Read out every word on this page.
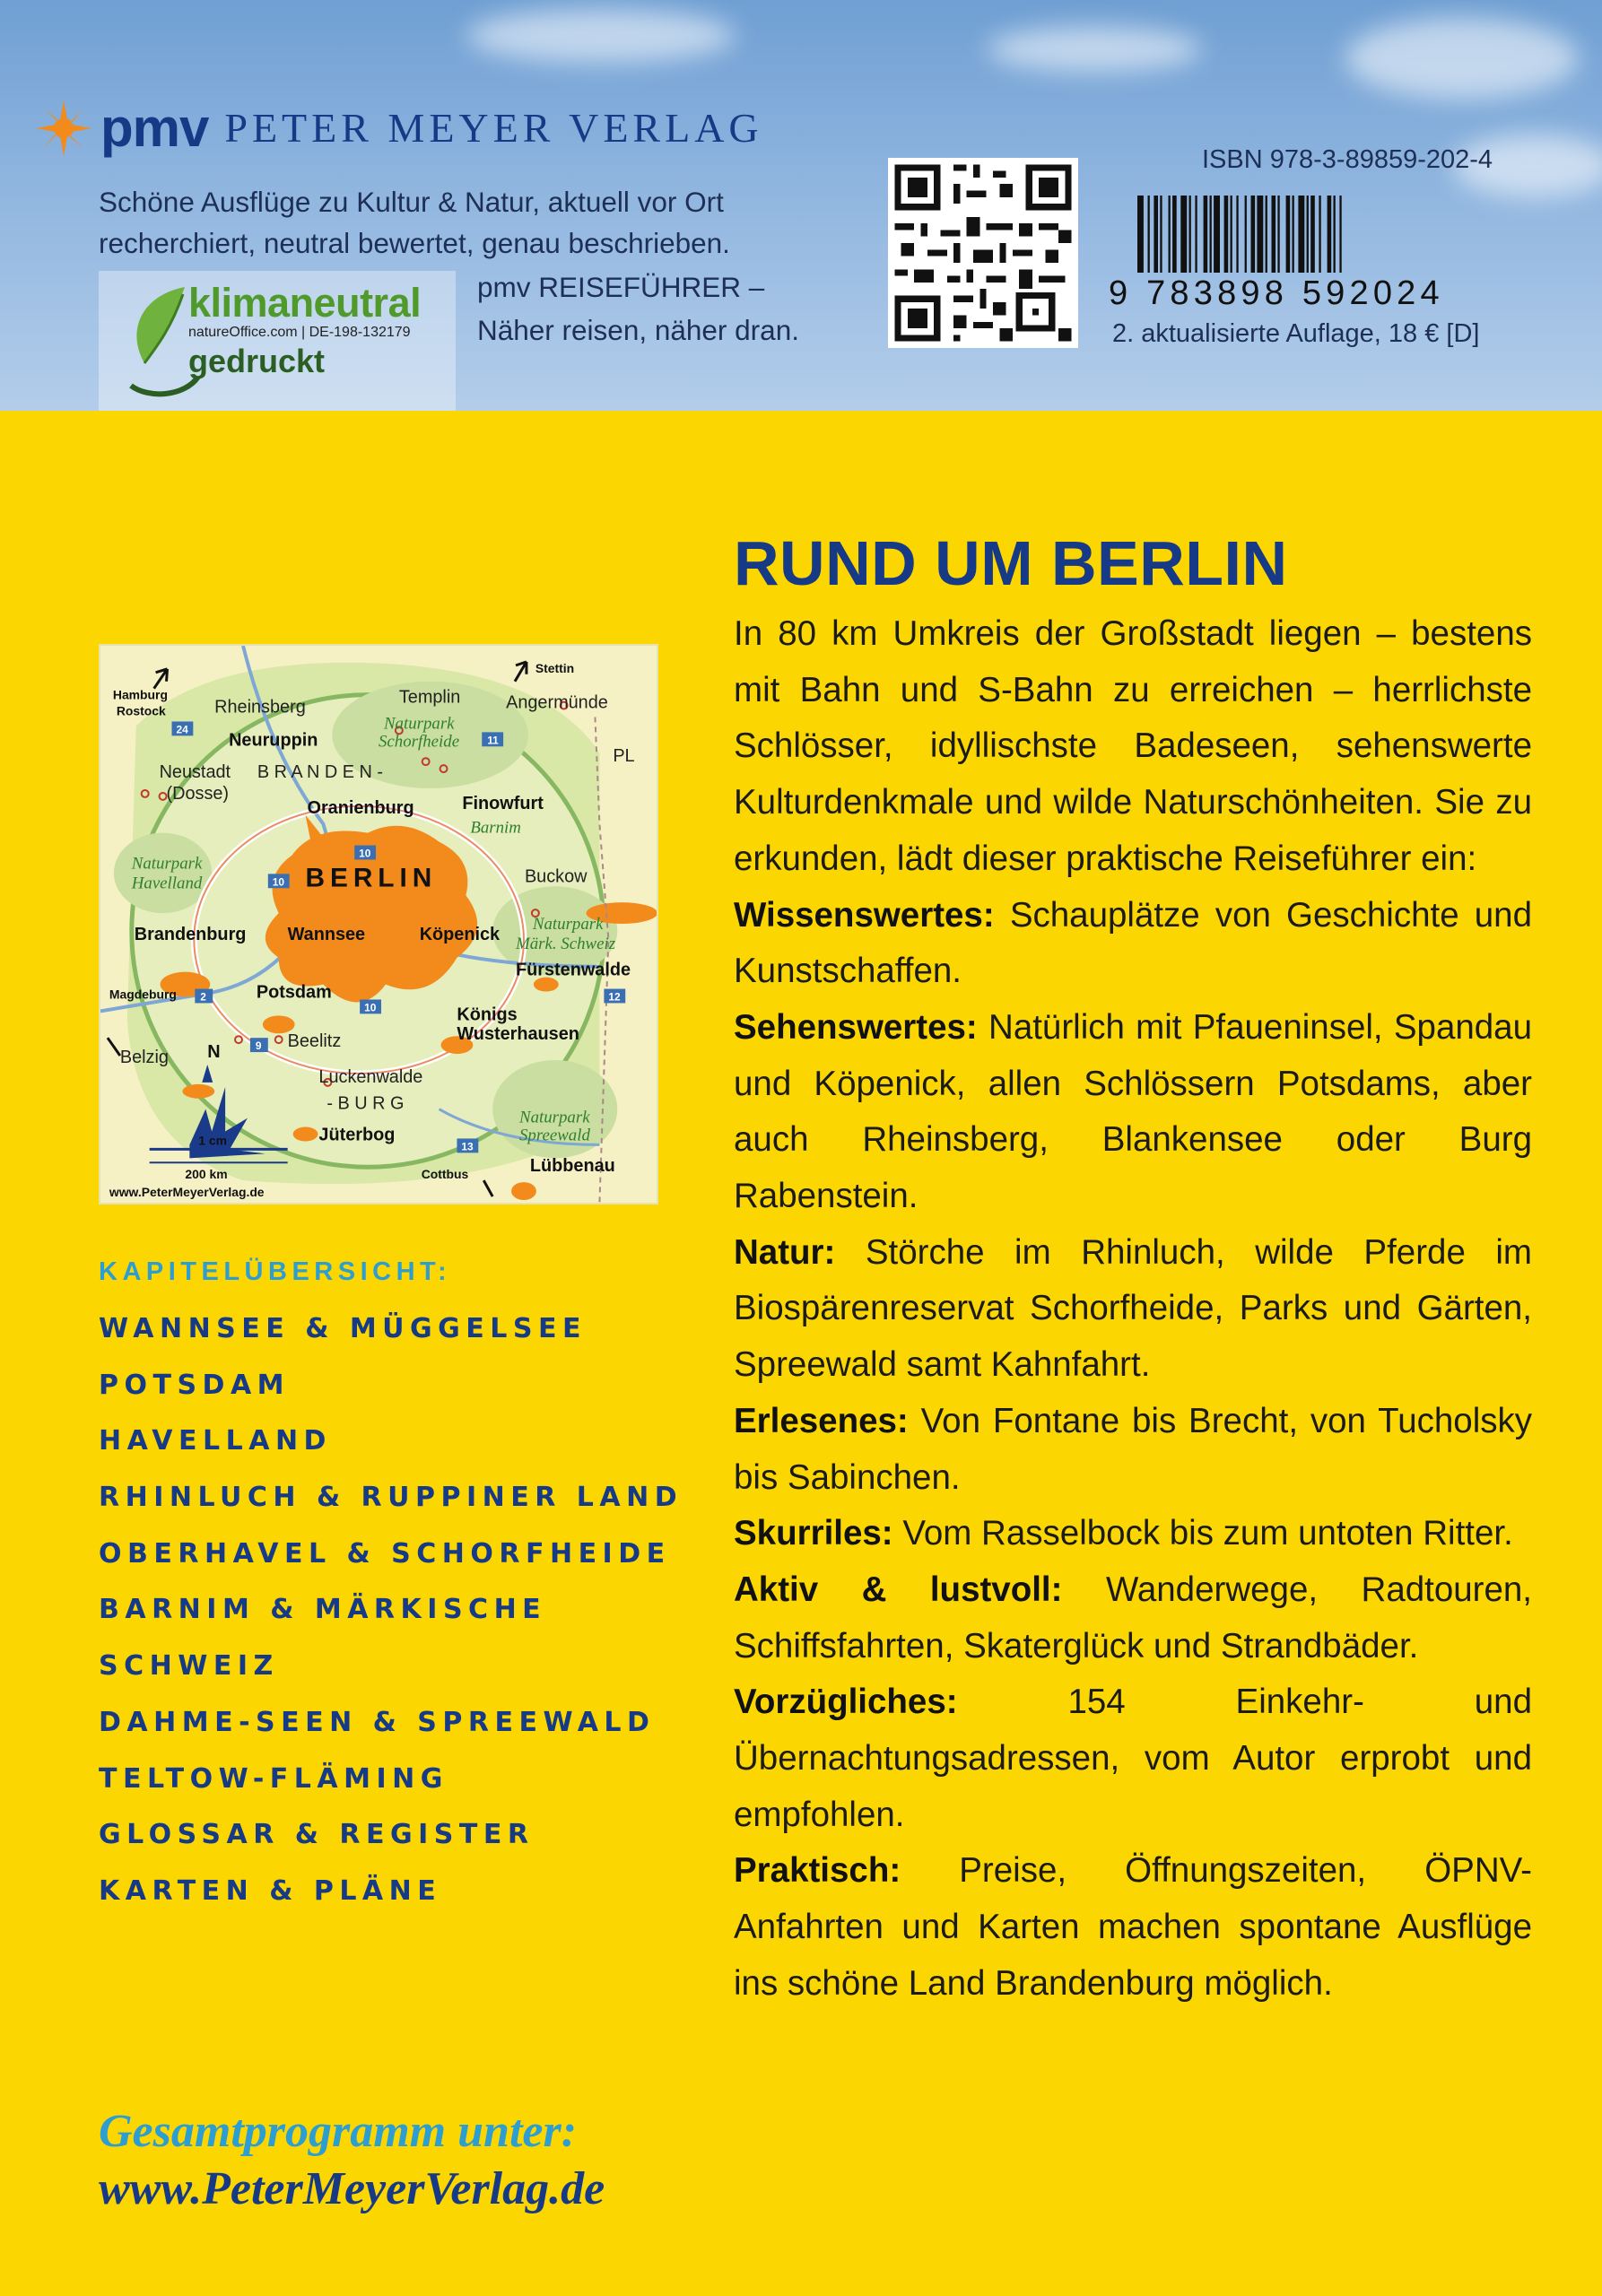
pmv PETER MEYER VERLAG
Schöne Ausflüge zu Kultur & Natur, aktuell vor Ort recherchiert, neutral bewertet, genau beschrieben.
klimaneutral
natureOffice.com | DE-198-132179
gedruckt
pmv REISEFÜHRER –
Näher reisen, näher dran.
ISBN 978-3-89859-202-4
9 783898 592024
2. aktualisierte Auflage, 18 € [D]
24
11
10
10
10
2
9
12
13
Hamburg
Rostock	Rheinsberg	Templin
Stettin
Angermünde
Neuruppin
Naturpark
Schorfheide
Neustadt
(Dosse)
B R A N D E N -
PL
Oranienburg	Finowfurt
Barnim
Naturpark
Havelland	BERLIN	Buckow
Brandenburg Wannsee	Köpenick
Naturpark
Märk. Schweiz
Fürstenwalde
Magdeburg	Potsdam
Königs
Wusterhausen
Belzig
Beelitz
N
Luckenwalde
- B U R G
Naturpark
Spreewald
1 cm
200 km
Jüterbog
Cottbus	Lübbenau
www.PeterMeyerVerlag.de
KAPITELÜBERSICHT:
WANNSEE & MÜGGELSEE
POTSDAM
HAVELLAND
RHINLUCH & RUPPINER LAND
OBERHAVEL & SCHORFHEIDE
BARNIM & MÄRKISCHE
SCHWEIZ
DAHME-SEEN & SPREEWALD
TELTOW-FLÄMING
GLOSSAR & REGISTER
KARTEN & PLÄNE
Gesamtprogramm unter:
www.PeterMeyerVerlag.de
RUND UM BERLIN

In 80 km Umkreis der Großstadt liegen – bestens mit Bahn und S-Bahn zu erreichen – herrlichste Schlösser, idyllischste Badeseen, sehenswerte Kulturdenkmale und wilde Naturschönheiten. Sie zu erkunden, lädt dieser praktische Reiseführer ein:

Wissenswertes: Schauplätze von Geschichte und Kunstschaffen.

Sehenswertes: Natürlich mit Pfaueninsel, Spandau und Köpenick, allen Schlössern Potsdams, aber auch Rheinsberg, Blankensee oder Burg Rabenstein.

Natur: Störche im Rhinluch, wilde Pferde im Biospärenreservat Schorfheide, Parks und Gärten, Spreewald samt Kahnfahrt.

Erlesenes: Von Fontane bis Brecht, von Tucholsky bis Sabinchen.

Skurriles: Vom Rasselbock bis zum untoten Ritter.

Aktiv & lustvoll: Wanderwege, Radtouren, Schiffsfahrten, Skaterglück und Strandbäder.

Vorzügliches:	154 Einkehr- und Übernachtungsadressen, vom Autor erprobt und empfohlen.

Praktisch: Preise, Öffnungszeiten, ÖPNV-Anfahrten und Karten machen spontane Ausflüge ins schöne Land Brandenburg möglich.
